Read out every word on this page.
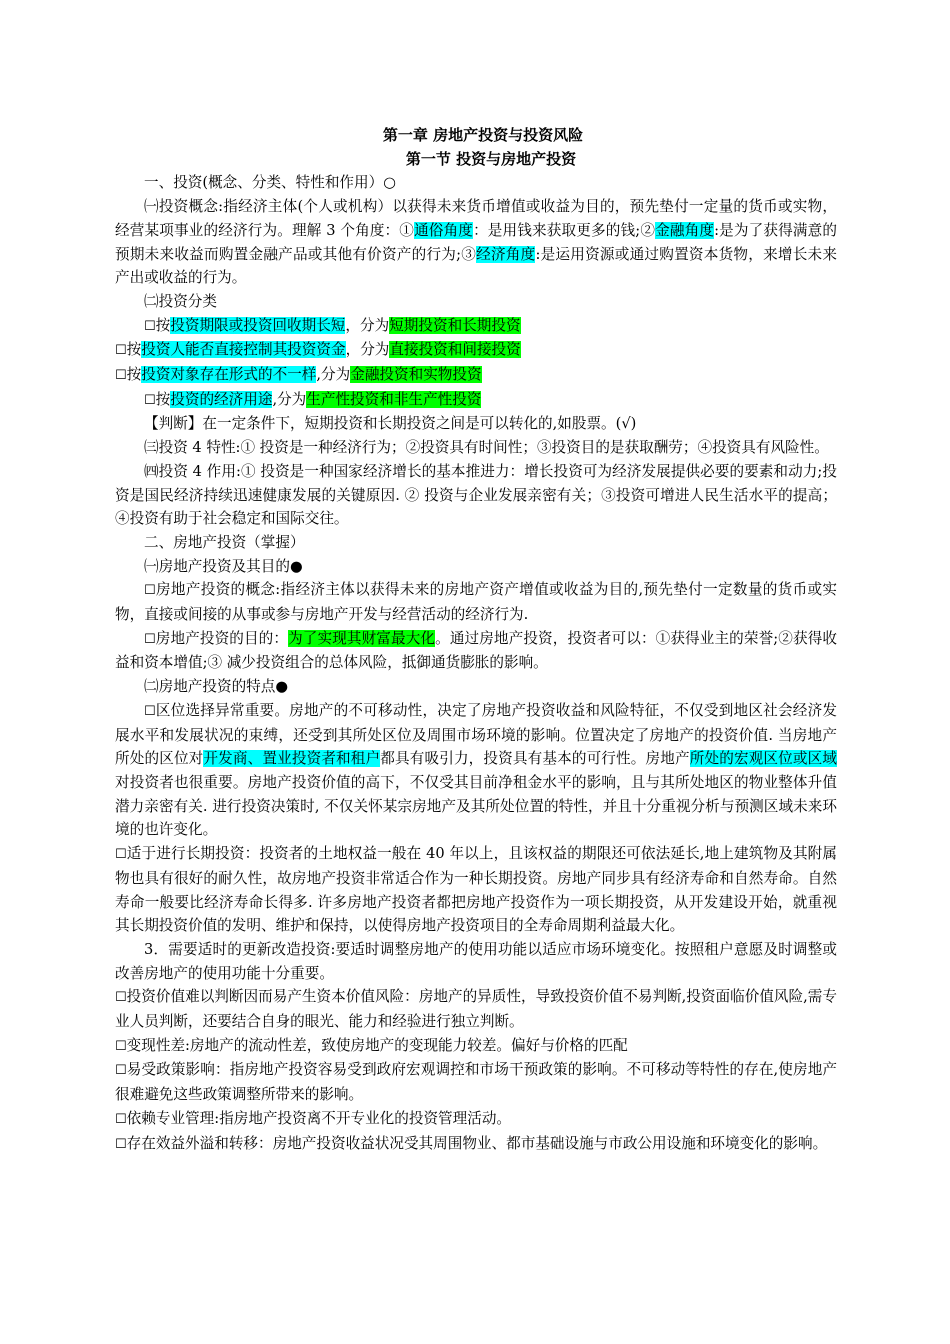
第一章 房地产投资与投资风险
第一节 投资与房地产投资

一、投资(概念、分类、特性和作用）○

㈠投资概念:指经济主体(个人或机构）以获得未来货币增值或收益为目的，预先垫付一定量的货币或实物，经营某项事业的经济行为。理解 3 个角度：①通俗角度：是用钱来获取更多的钱;②金融角度:是为了获得满意的预期未来收益而购置金融产品或其他有价资产的行为;③经济角度:是运用资源或通过购置资本货物，来增长未来产出或收益的行为。

㈡投资分类

☐按投资期限或投资回收期长短，分为短期投资和长期投资

☐按投资人能否直接控制其投资资金，分为直接投资和间接投资

☐按投资对象存在形式的不一样,分为金融投资和实物投资

☐按投资的经济用途,分为生产性投资和非生产性投资

【判断】在一定条件下，短期投资和长期投资之间是可以转化的,如股票。(√)

㈢投资 4 特性:① 投资是一种经济行为；②投资具有时间性；③投资目的是获取酬劳；④投资具有风险性。

㈣投资 4 作用:① 投资是一种国家经济增长的基本推进力：增长投资可为经济发展提供必要的要素和动力;投资是国民经济持续迅速健康发展的关键原因. ② 投资与企业发展亲密有关；③投资可增进人民生活水平的提高；④投资有助于社会稳定和国际交往。

二、房地产投资（掌握）

㈠房地产投资及其目的●

☐房地产投资的概念:指经济主体以获得未来的房地产资产增值或收益为目的,预先垫付一定数量的货币或实物，直接或间接的从事或参与房地产开发与经营活动的经济行为.

☐房地产投资的目的：为了实现其财富最大化。通过房地产投资，投资者可以：①获得业主的荣誉;②获得收益和资本增值;③ 减少投资组合的总体风险，抵御通货膨胀的影响。

㈡房地产投资的特点●

☐区位选择异常重要。房地产的不可移动性，决定了房地产投资收益和风险特征，不仅受到地区社会经济发展水平和发展状况的束缚，还受到其所处区位及周围市场环境的影响。位置决定了房地产的投资价值. 当房地产所处的区位对开发商、置业投资者和租户都具有吸引力，投资具有基本的可行性。房地产所处的宏观区位或区域对投资者也很重要。房地产投资价值的高下，不仅受其目前净租金水平的影响，且与其所处地区的物业整体升值潜力亲密有关. 进行投资决策时, 不仅关怀某宗房地产及其所处位置的特性，并且十分重视分析与预测区域未来环境的也许变化。

☐适于进行长期投资：投资者的土地权益一般在 40 年以上，且该权益的期限还可依法延长,地上建筑物及其附属物也具有很好的耐久性，故房地产投资非常适合作为一种长期投资。房地产同步具有经济寿命和自然寿命。自然寿命一般要比经济寿命长得多. 许多房地产投资者都把房地产投资作为一项长期投资，从开发建设开始，就重视其长期投资价值的发明、维护和保持，以使得房地产投资项目的全寿命周期利益最大化。

3．需要适时的更新改造投资:要适时调整房地产的使用功能以适应市场环境变化。按照租户意愿及时调整或改善房地产的使用功能十分重要。

☐投资价值难以判断因而易产生资本价值风险：房地产的异质性，导致投资价值不易判断,投资面临价值风险,需专业人员判断，还要结合自身的眼光、能力和经验进行独立判断。

☐变现性差:房地产的流动性差，致使房地产的变现能力较差。偏好与价格的匹配

☐易受政策影响：指房地产投资容易受到政府宏观调控和市场干预政策的影响。不可移动等特性的存在,使房地产很难避免这些政策调整所带来的影响。

☐依赖专业管理:指房地产投资离不开专业化的投资管理活动。

☐存在效益外溢和转移：房地产投资收益状况受其周围物业、都市基础设施与市政公用设施和环境变化的影响。
